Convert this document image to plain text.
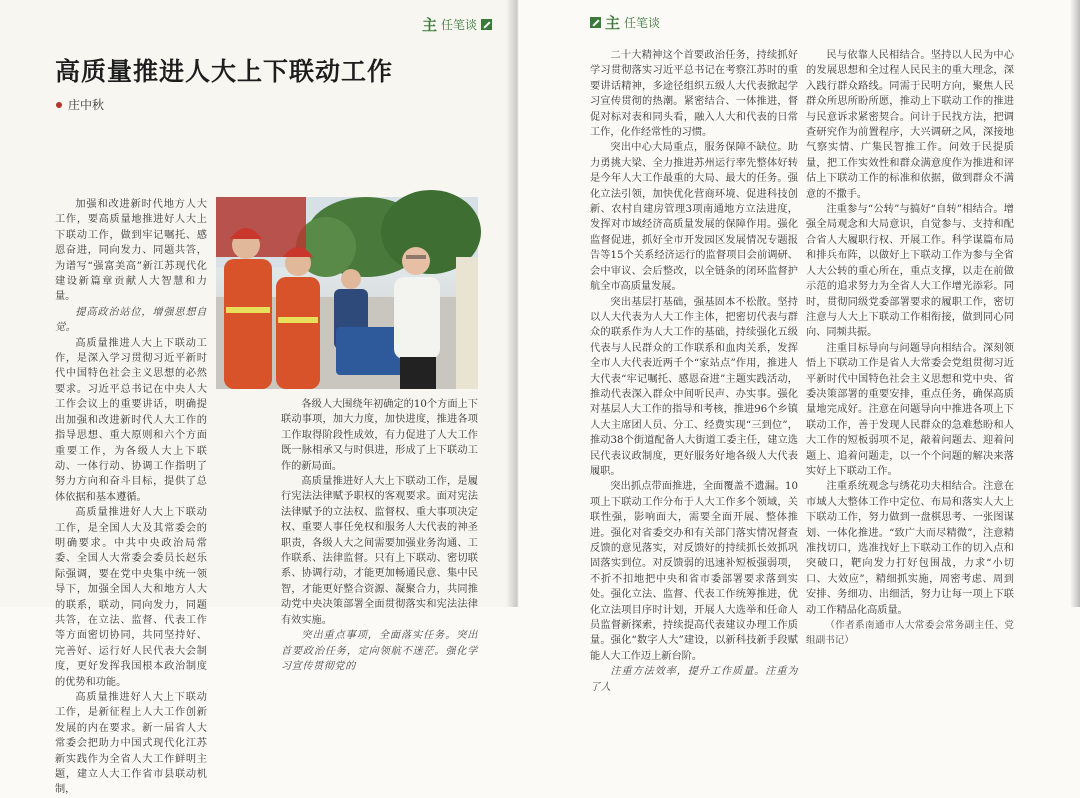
主 任笔谈
高质量推进人大上下联动工作
庄中秋

加强和改进新时代地方人大工作，要高质量地推进好人大上下联动工作，做到牢记嘱托、感恩奋进，同向发力、同题共答，为谱写“强富美高”新江苏现代化建设新篇章贡献人大智慧和力量。

提高政治站位，增强思想自觉。

高质量推进人大上下联动工作，是深入学习贯彻习近平新时代中国特色社会主义思想的必然要求。习近平总书记在中央人大工作会议上的重要讲话，明确提出加强和改进新时代人大工作的指导思想、重大原则和六个方面重要工作，为各级人大上下联动、一体行动、协调工作指明了努力方向和奋斗目标，提供了总体依据和基本遵循。

高质量推进好人大上下联动工作，是全国人大及其常委会的明确要求。中共中央政治局常委、全国人大常委会委员长赵乐际强调，要在党中央集中统一领导下，加强全国人大和地方人大的联系，联动，同向发力，同题共答，在立法、监督、代表工作等方面密切协同，共同坚持好、完善好、运行好人民代表大会制度，更好发挥我国根本政治制度的优势和功能。

高质量推进好人大上下联动工作，是新征程上人大工作创新发展的内在要求。新一届省人大常委会把助力中国式现代化江苏新实践作为全省人大工作鲜明主题，建立人大工作省市县联动机制，

各级人大围绕年初确定的10个方面上下联动事项，加大力度，加快进度，推进各项工作取得阶段性成效，有力促进了人大工作既一脉相承又与时俱进，形成了上下联动工作的新局面。

高质量推进好人大上下联动工作，是履行宪法法律赋予职权的客观要求。面对宪法法律赋予的立法权、监督权、重大事项决定权、重要人事任免权和服务人大代表的神圣职责，各级人大之间需要加强业务沟通、工作联系、法律监督。只有上下联动、密切联系、协调行动，才能更加畅通民意、集中民智，才能更好整合资源、凝聚合力，共同推动党中央决策部署全面贯彻落实和宪法法律有效实施。

突出重点事项，全面落实任务。突出首要政治任务，定向领航不迷茫。强化学习宣传贯彻党的

主 任笔谈

二十大精神这个首要政治任务，持续抓好学习贯彻落实习近平总书记在考察江苏时的重要讲话精神，多途径组织五级人大代表掀起学习宣传贯彻的热潮。紧密结合、一体推进，督促对标对表和同头看，融入人大和代表的日常工作，化作经常性的习惯。

突出中心大局重点，服务保障不缺位。助力勇挑大梁、全力推进苏州运行率先整体好转是今年人大工作最重的大局、最大的任务。强化立法引领，加快优化营商环境、促进科技创新、农村自建房管理3项南通地方立法进度，发挥对市域经济高质量发展的保障作用。强化监督促进，抓好全市开发园区发展情况专题报告等15个关系经济运行的监督项目会前调研、会中审议、会后整改，以全链条的闭环监督护航全市高质量发展。

突出基层打基础，强基固本不松散。坚持以人大代表为人大工作主体，把密切代表与群众的联系作为人大工作的基础，持续强化五级代表与人民群众的工作联系和血肉关系，发挥全市人大代表近两千个“家站点”作用，推进人大代表“牢记嘱托、感恩奋进”主题实践活动，推动代表深入群众中间听民声、办实事。强化对基层人大工作的指导和考核，推进96个乡镇人大主席团人员、分工、经费实现“三到位”，推动38个街道配备人大街道工委主任，建立选民代表议政制度，更好服务好地各级人大代表履职。

突出抓点带面推进，全面覆盖不遗漏。10项上下联动工作分布于人大工作多个领域，关联性强，影响面大，需要全面开展、整体推进。强化对省委交办和有关部门落实情况督查反馈的意见落实，对反馈好的持续抓长效抓巩固落实到位。对反馈弱的迅速补短板强弱项，不折不扣地把中央和省市委部署要求落到实处。强化立法、监督、代表工作统筹推进，优化立法项目序时计划，开展人大选举和任命人员监督新探索，持续提高代表建议办理工作质量。强化“数字人大”建设，以新科技新手段赋能人大工作迈上新台阶。

注重方法效率，提升工作质量。注重为了人

民与依靠人民相结合。坚持以人民为中心的发展思想和全过程人民民主的重大理念，深入践行群众路线。同需于民明方向，聚焦人民群众所思所盼所愿，推动上下联动工作的推进与民意诉求紧密契合。问计于民找方法，把调查研究作为前置程序，大兴调研之风，深接地气察实情、广集民智推工作。问效于民提质量，把工作实效性和群众满意度作为推进和评估上下联动工作的标准和依据，做到群众不满意的不撒手。

注重参与“公转”与搞好“自转”相结合。增强全局观念和大局意识，自觉参与、支持和配合省人大履职行权、开展工作。科学谋篇布局和排兵布阵，以做好上下联动工作为参与全省人大公转的重心所在，重点支撑，以走在前做示范的追求努力为全省人大工作增光添彩。同时，贯彻同级党委部署要求的履职工作，密切注意与人大上下联动工作相衔接，做到同心同向、同频共振。

注重目标导向与问题导向相结合。深刻领悟上下联动工作是省人大常委会党组贯彻习近平新时代中国特色社会主义思想和党中央、省委决策部署的重要安排，重点任务，确保高质量地完成好。注意在问题导向中推进各项上下联动工作，善于发现人民群众的急难愁盼和人大工作的短板弱项不足，敲着问题去、迎着问题上、追着问题走，以一个个问题的解决来落实好上下联动工作。

注重系统观念与绣花功夫相结合。注意在市域人大整体工作中定位、布局和落实人大上下联动工作，努力做到一盘棋思考、一张图谋划、一体化推进。“致广大而尽精微”，注意精准找切口，选准找好上下联动工作的切入点和突破口，靶向发力打好包围战，力求“小切口、大效应”，精细抓实施，周密考虑、周到安排、务细功、出细活，努力让每一项上下联动工作精品化高质量。

（作者系南通市人大常委会常务副主任、党组副书记）
